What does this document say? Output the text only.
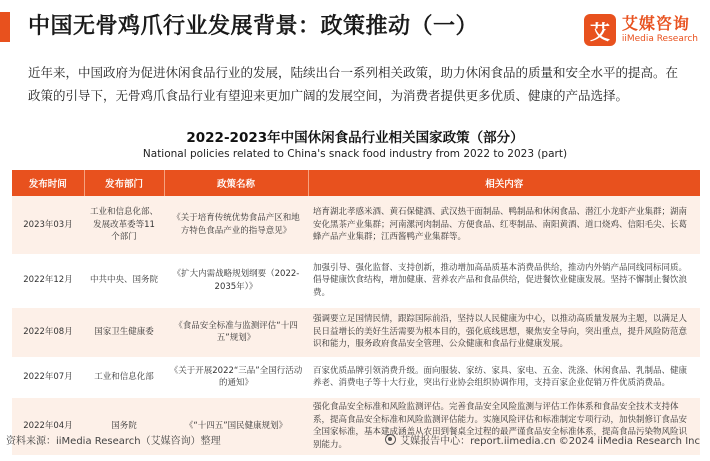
中国无骨鸡爪行业发展背景：政策推动（一）	艾 艾媒咨询
iiMedia Research

近年来，中国政府为促进休闲食品行业的发展，陆续出台一系列相关政策，助力休闲食品的质量和安全水平的提高。在政策的引导下，无骨鸡爪食品行业有望迎来更加广阔的发展空间，为消费者提供更多优质、健康的产品选择。

2022-2023年中国休闲食品行业相关国家政策（部分）
National policies related to China's snack food industry from 2022 to 2023 (part)
发布时间	发布部门	政策名称	相关内容
2023年03月	工业和信息化部、发展改革委等11个部门	《关于培育传统优势食品产区和地方特色食品产业的指导意见》	培育湖北孝感米酒、黄石保健酒、武汉热干面制品、鸭制品和休闲食品、潜江小龙虾产业集群；湖南安化黑茶产业集群；河南漯河肉制品、方便食品、红枣制品、南阳黄酒、道口烧鸡、信阳毛尖、长葛蜂产品产业集群；江西酱鸭产业集群等。
2022年12月	中共中央、国务院	《扩大内需战略规划纲要（2022-2035年）》	加强引导、强化监督、支持创新，推动增加高品质基本消费品供给，推动内外销产品同线同标同质。倡导健康饮食结构，增加健康、营养农产品和食品供给，促进餐饮业健康发展。坚持不懈制止餐饮浪费。
2022年08月	国家卫生健康委	《食品安全标准与监测评估“十四五”规划》	强调要立足国情民情，跟踪国际前沿，坚持以人民健康为中心，以推动高质量发展为主题，以满足人民日益增长的美好生活需要为根本目的，强化底线思想，聚焦安全导向，突出重点，提升风险防范意识和能力，服务政府食品安全管理、公众健康和食品行业健康发展。
2022年07月	工业和信息化部	《关于开展2022“三品”全国行活动的通知》	百家优质品牌引领消费升级。面向服装、家纺、家具、家电、五金、洗涤、休闲食品、乳制品、健康养老、消费电子等十大行业，突出行业协会组织协调作用，支持百家企业促销万件优质消费品。
2022年04月	国务院	《“十四五”国民健康规划》	强化食品安全标准和风险监测评估。完善食品安全风险监测与评估工作体系和食品安全技术支持体系，提高食品安全标准和风险监测评估能力。实施风险评估和标准制定专项行动，加快制修订食品安全国家标准，基本建成涵盖从农田到餐桌全过程的最严谨食品安全标准体系，提高食品污染物风险识别能力。
资料来源：iiMedia Research（艾媒咨询）整理	艾媒报告中心：report.iimedia.cn ©2024 iiMedia Research Inc
